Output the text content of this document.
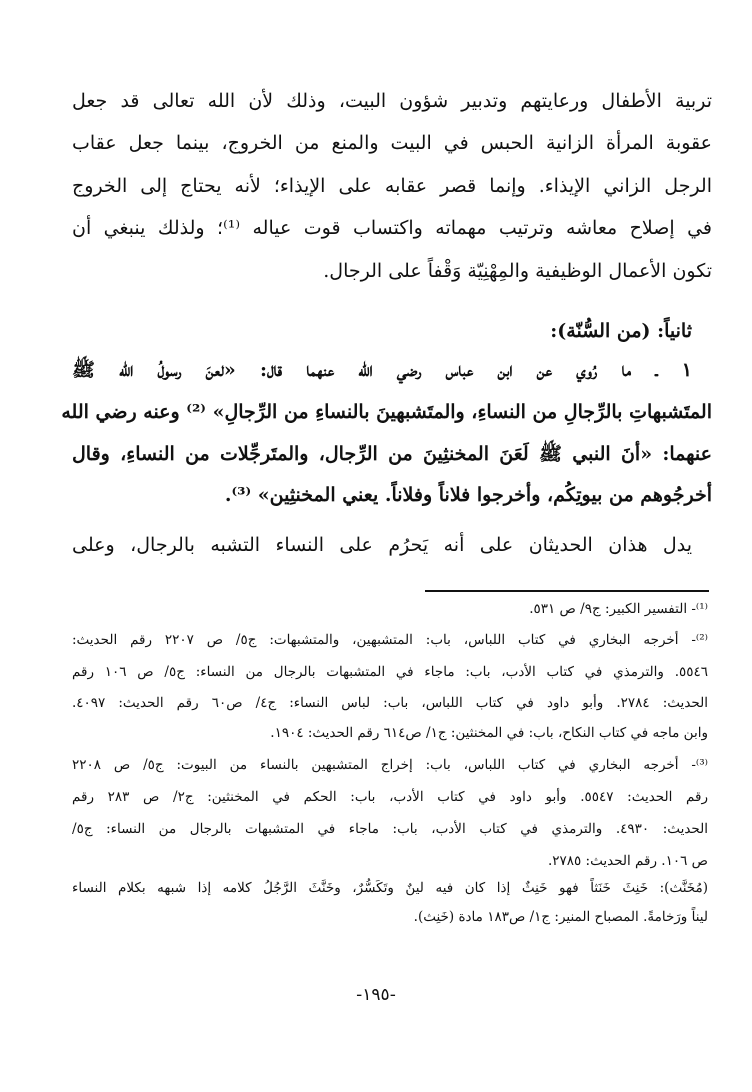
تربية الأطفال ورعايتهم وتدبير شؤون البيت، وذلك لأن الله تعالى قد جعل
عقوبة المرأة الزانية الحبس في البيت والمنع من الخروج، بينما جعل عقاب
الرجل الزاني الإيذاء. وإنما قصر عقابه على الإيذاء؛ لأنه يحتاج إلى الخروج
في إصلاح معاشه وترتيب مهماته واكتساب قوت عياله ⁽¹⁾؛ ولذلك ينبغي أن
تكون الأعمال الوظيفية والمِهْنِيّة وَقْفاً على الرجال.
ثانياً: (من السُّنّة):
١ ـ ما رُوي عن ابن عباس رضي الله عنهما قال: «لعنَ رسولُ الله ﷺ
المتَشبهاتِ بالرِّجالِ من النساءِ، والمتَشبهينَ بالنساءِ من الرِّجالِ» ⁽²⁾ وعنه رضي الله
عنهما: «أنَ النبي ﷺ لَعَنَ المخنثِينَ من الرِّجال، والمتَرجِّلات من النساءِ، وقال
أخرجُوهم من بيوتِكُم، وأخرجوا فلاناً وفلاناً. يعني المخنثِين» ⁽³⁾.
يدل هذان الحديثان على أنه يَحرُم على النساء التشبه بالرجال، وعلى
⁽¹⁾- التفسير الكبير: ج٩/ ص ٥٣١.
⁽²⁾- أخرجه البخاري في كتاب اللباس، باب: المتشبهين، والمتشبهات: ج٥/ ص ٢٢٠٧ رقم الحديث:
٥٥٤٦. والترمذي في كتاب الأدب، باب: ماجاء في المتشبهات بالرجال من النساء: ج٥/ ص ١٠٦ رقم
الحديث: ٢٧٨٤. وأبو داود في كتاب اللباس، باب: لباس النساء: ج٤/ ص٦٠ رقم الحديث: ٤٠٩٧.
وابن ماجه في كتاب النكاح، باب: في المخنثين: ج١/ ص٦١٤ رقم الحديث: ١٩٠٤.
⁽³⁾- أخرجه البخاري في كتاب اللباس، باب: إخراج المتشبهين بالنساء من البيوت: ج٥/ ص ٢٢٠٨
رقم الحديث: ٥٥٤٧. وأبو داود في كتاب الأدب، باب: الحكم في المخنثين: ج٢/ ص ٢٨٣ رقم
الحديث: ٤٩٣٠. والترمذي في كتاب الأدب، باب: ماجاء في المتشبهات بالرجال من النساء: ج٥/
ص ١٠٦. رقم الحديث: ٢٧٨٥.
(مُخَنَّث): خَنِثَ خَنَثاً فهو خَنِثٌ إذا كان فيه لينٌ وتَكَسُّرٌ، وخَنَّثَ الرَّجُلُ كلامه إذا شبهه بكلام النساء
ليناً ورَخامةً. المصباح المنير: ج١/ ص١٨٣ مادة (خَنِث).
-١٩٥-
